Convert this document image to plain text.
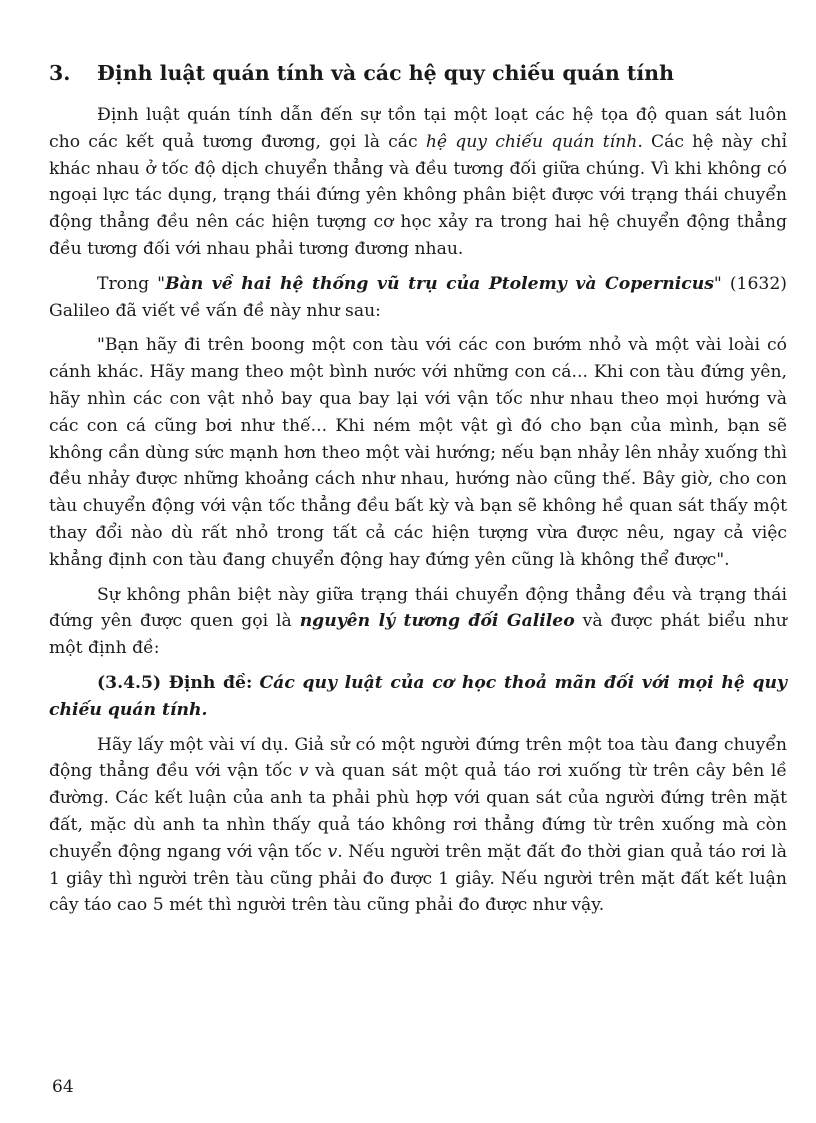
3. Định luật quán tính và các hệ quy chiếu quán tính

Định luật quán tính dẫn đến sự tồn tại một loạt các hệ tọa độ quan sát luôn cho các kết quả tương đương, gọi là các hệ quy chiếu quán tính. Các hệ này chỉ khác nhau ở tốc độ dịch chuyển thẳng và đều tương đối giữa chúng. Vì khi không có ngoại lực tác dụng, trạng thái đứng yên không phân biệt được với trạng thái chuyển động thẳng đều nên các hiện tượng cơ học xảy ra trong hai hệ chuyển động thẳng đều tương đối với nhau phải tương đương nhau.

Trong "Bàn về hai hệ thống vũ trụ của Ptolemy và Copernicus" (1632) Galileo đã viết về vấn đề này như sau:

"Bạn hãy đi trên boong một con tàu với các con bướm nhỏ và một vài loài có cánh khác. Hãy mang theo một bình nước với những con cá... Khi con tàu đứng yên, hãy nhìn các con vật nhỏ bay qua bay lại với vận tốc như nhau theo mọi hướng và các con cá cũng bơi như thế... Khi ném một vật gì đó cho bạn của mình, bạn sẽ không cần dùng sức mạnh hơn theo một vài hướng; nếu bạn nhảy lên nhảy xuống thì đều nhảy được những khoảng cách như nhau, hướng nào cũng thế. Bây giờ, cho con tàu chuyển động với vận tốc thẳng đều bất kỳ và bạn sẽ không hề quan sát thấy một thay đổi nào dù rất nhỏ trong tất cả các hiện tượng vừa được nêu, ngay cả việc khẳng định con tàu đang chuyển động hay đứng yên cũng là không thể được".

Sự không phân biệt này giữa trạng thái chuyển động thẳng đều và trạng thái đứng yên được quen gọi là nguyên lý tương đối Galileo và được phát biểu như một định đề:

(3.4.5) Định đề: Các quy luật của cơ học thoả mãn đối với mọi hệ quy chiếu quán tính.

Hãy lấy một vài ví dụ. Giả sử có một người đứng trên một toa tàu đang chuyển động thẳng đều với vận tốc v và quan sát một quả táo rơi xuống từ trên cây bên lề đường. Các kết luận của anh ta phải phù hợp với quan sát của người đứng trên mặt đất, mặc dù anh ta nhìn thấy quả táo không rơi thẳng đứng từ trên xuống mà còn chuyển động ngang với vận tốc v. Nếu người trên mặt đất đo thời gian quả táo rơi là 1 giây thì người trên tàu cũng phải đo được 1 giây. Nếu người trên mặt đất kết luận cây táo cao 5 mét thì người trên tàu cũng phải đo được như vậy.

64
